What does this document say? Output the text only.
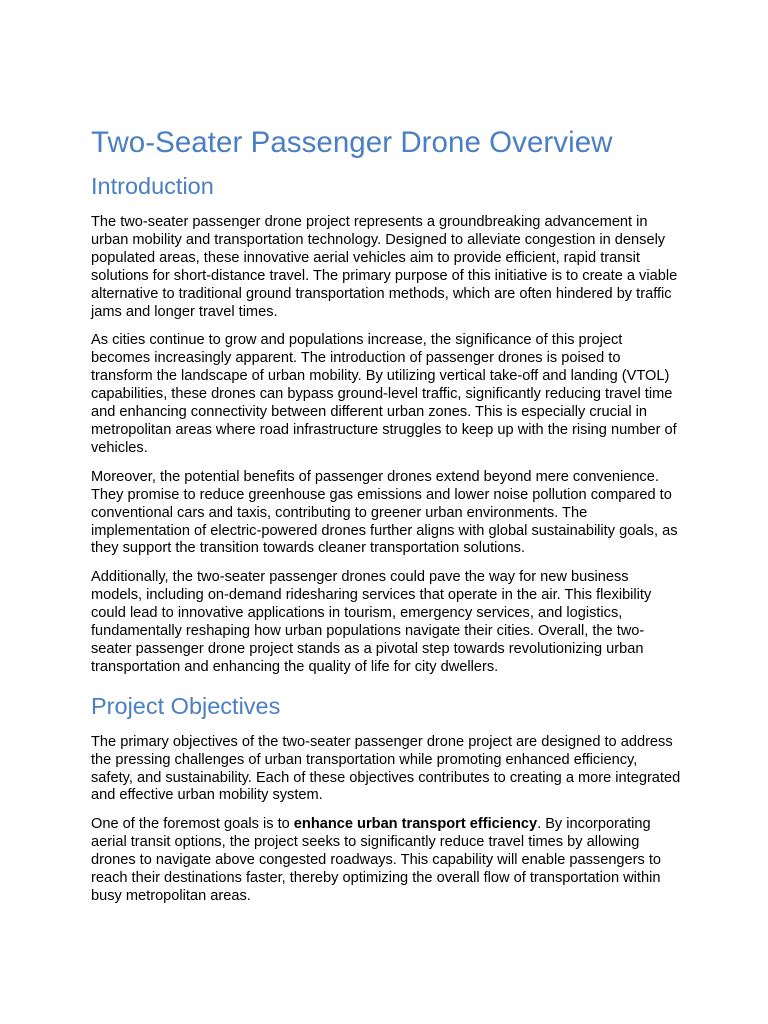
Two-Seater Passenger Drone Overview
Introduction

The two-seater passenger drone project represents a groundbreaking advancement in urban mobility and transportation technology. Designed to alleviate congestion in densely populated areas, these innovative aerial vehicles aim to provide efficient, rapid transit solutions for short-distance travel. The primary purpose of this initiative is to create a viable alternative to traditional ground transportation methods, which are often hindered by traffic jams and longer travel times.

As cities continue to grow and populations increase, the significance of this project becomes increasingly apparent. The introduction of passenger drones is poised to transform the landscape of urban mobility. By utilizing vertical take-off and landing (VTOL) capabilities, these drones can bypass ground-level traffic, significantly reducing travel time and enhancing connectivity between different urban zones. This is especially crucial in metropolitan areas where road infrastructure struggles to keep up with the rising number of vehicles.

Moreover, the potential benefits of passenger drones extend beyond mere convenience. They promise to reduce greenhouse gas emissions and lower noise pollution compared to conventional cars and taxis, contributing to greener urban environments. The implementation of electric-powered drones further aligns with global sustainability goals, as they support the transition towards cleaner transportation solutions.

Additionally, the two-seater passenger drones could pave the way for new business models, including on-demand ridesharing services that operate in the air. This flexibility could lead to innovative applications in tourism, emergency services, and logistics, fundamentally reshaping how urban populations navigate their cities. Overall, the two-seater passenger drone project stands as a pivotal step towards revolutionizing urban transportation and enhancing the quality of life for city dwellers.

Project Objectives

The primary objectives of the two-seater passenger drone project are designed to address the pressing challenges of urban transportation while promoting enhanced efficiency, safety, and sustainability. Each of these objectives contributes to creating a more integrated and effective urban mobility system.

One of the foremost goals is to enhance urban transport efficiency. By incorporating aerial transit options, the project seeks to significantly reduce travel times by allowing drones to navigate above congested roadways. This capability will enable passengers to reach their destinations faster, thereby optimizing the overall flow of transportation within busy metropolitan areas.
